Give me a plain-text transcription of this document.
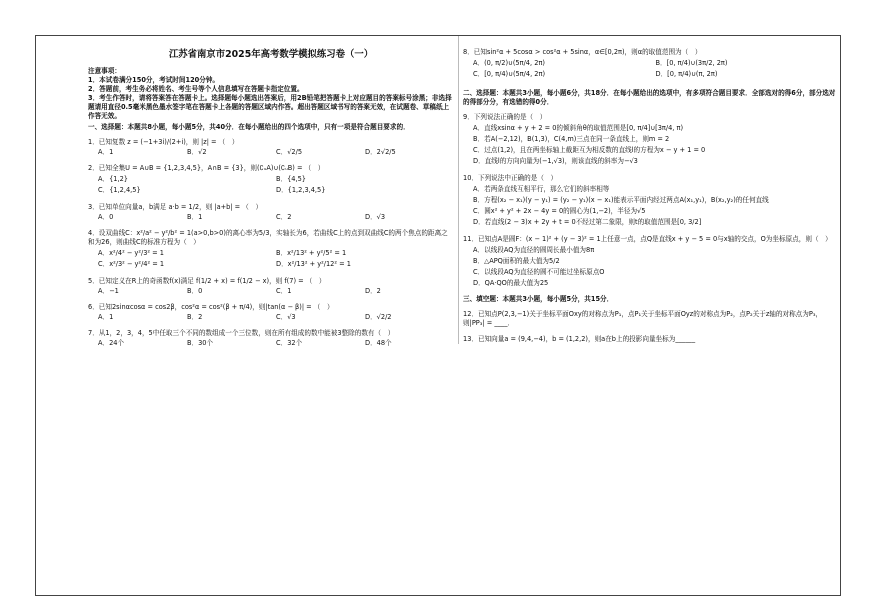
江苏省南京市2025年高考数学模拟练习卷（一）

注意事项：

1．本试卷满分150分，考试时间120分钟。

2．答题前，考生务必将姓名、考生号等个人信息填写在答题卡指定位置。

3．考生作答时，请将答案答在答题卡上。选择题每小题选出答案后，用2B铅笔把答题卡上对应题目的答案标号涂黑；非选择题请用直径0.5毫米黑色墨水签字笔在答题卡上各题的答题区域内作答。超出答题区域书写的答案无效，在试题卷、草稿纸上作答无效。

一、选择题：本题共8小题，每小题5分，共40分．在每小题给出的四个选项中，只有一项是符合题目要求的．

1．已知复数 z = (−1+3i)/(2+i)，则 |z| = （　）

A．1	B．√2	C．√2/5	D．2√2/5

2．已知全集U = A∪B = {1,2,3,4,5}，A∩B = {3}，则(∁ᵤA)∪(∁ᵤB) = （　）

A．{1,2}	B．{4,5}
C．{1,2,4,5}	D．{1,2,3,4,5}

3．已知单位向量a，b满足 a·b = 1/2，则 |a+b| = （　）

A．0	B．1	C．2	D．√3

4．设双曲线C：x²/a² − y²/b² = 1(a>0,b>0)的离心率为5/3，实轴长为6，若曲线C上的点到双曲线C的两个焦点的距离之和为26，则曲线C的标准方程为（　）

A．x²/4² − y²/3² = 1	B．x²/13² + y²/5² = 1
C．x²/3² − y²/4² = 1	D．x²/13² + y²/12² = 1

5．已知定义在R上的奇函数f(x)满足 f(1/2 + x) = f(1/2 − x)，则 f(7) = （　）

A．−1	B．0	C．1	D．2

6．已知2sinαcosα = cos2β，cos²α = cos²(β + π/4)，则|tan(α − β)| = （　）

A．1	B．2	C．√3	D．√2/2

7．从1，2，3，4，5中任取三个不同的数组成一个三位数，则在所有组成的数中能被3整除的数有（　）

A．24个	B．30个	C．32个	D．48个

8．已知sin²α + 5cosα > cos²α + 5sinα，α∈[0,2π)，则α的取值范围为（　）

A．(0, π/2)∪(5π/4, 2π)	B．[0, π/4)∪(3π/2, 2π)
C．[0, π/4)∪(5π/4, 2π)	D．[0, π/4)∪(π, 2π)
二、选择题：本题共3小题，每小题6分，共18分．在每小题给出的选项中，有多项符合题目要求．全部选对的得6分，部分选对的得部分分，有选错的得0分．

9．下列说法正确的是（　）

A．直线xsinα + y + 2 = 0的倾斜角θ的取值范围是[0, π/4]∪[3π/4, π)
B．若A(−2,12)，B(1,3)，C(4,m)三点在同一条直线上，则m = 2
C．过点(1,2)，且在两坐标轴上截距互为相反数的直线l的方程为x − y + 1 = 0
D．直线l的方向向量为(−1,√3)，则该直线的斜率为−√3

10．下列说法中正确的是（　）

A．若两条直线互相平行，那么它们的斜率相等
B．方程(x₂ − x₁)(y − y₁) = (y₂ − y₁)(x − x₁)能表示平面内经过两点A(x₁,y₁)，B(x₂,y₂)的任何直线
C．圆x² + y² + 2x − 4y = 0的圆心为(1,−2)，半径为√5
D．若直线(2 − 3)x + 2y + t = 0不经过第二象限，则t的取值范围是[0, 3/2]

11．已知点A是圆F：(x − 1)² + (y − 3)² = 1上任意一点，点Q是直线x + y − 5 = 0与x轴的交点，O为坐标原点，则（　）

A．以线段AQ为直径的圆周长最小值为8π
B．△APQ面积的最大值为5/2
C．以线段AQ为直径的圆不可能过坐标原点O
D．QA·QO的最大值为25
三、填空题：本题共3小题，每小题5分，共15分．

12．已知点P(2,3,−1)关于坐标平面Oxy的对称点为P₁，点P₁关于坐标平面Oyz的对称点为P₂，点P₂关于z轴的对称点为P₃，则|PP₃| = ____．

13．已知向量a = (9,4,−4)，b = (1,2,2)，则a在b上的投影向量坐标为______
